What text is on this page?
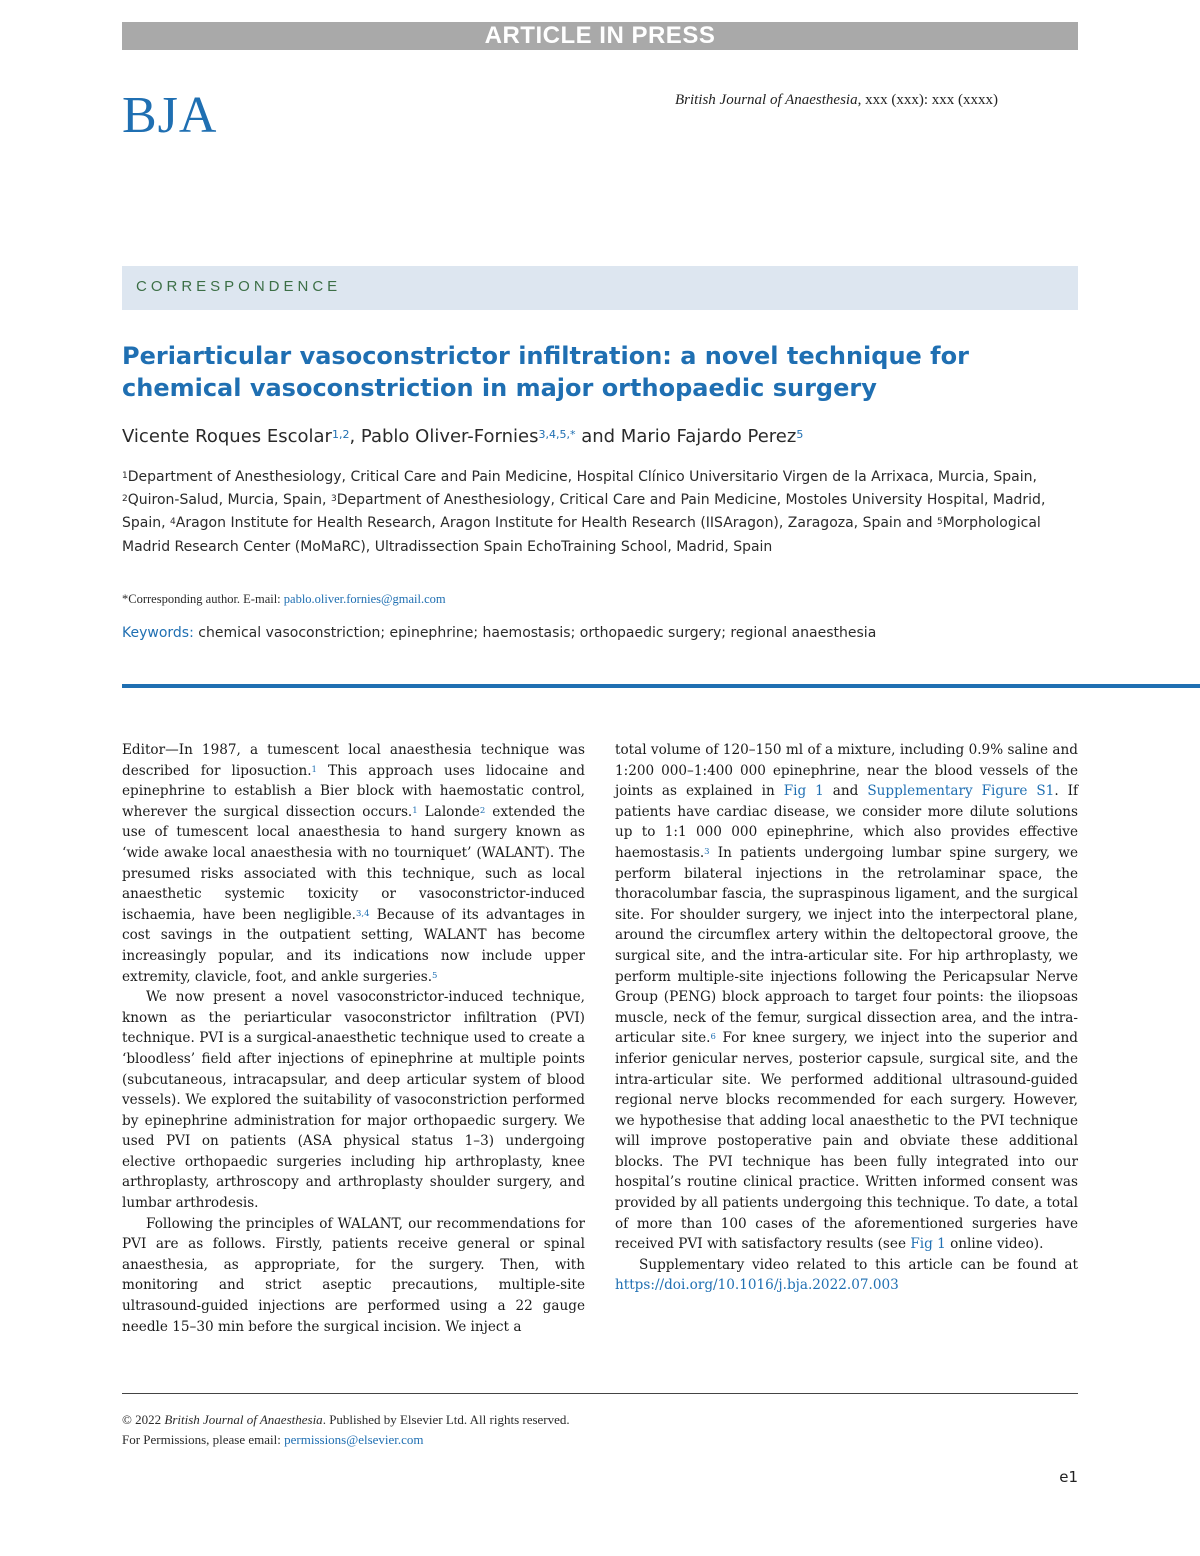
ARTICLE IN PRESS
BJA	British Journal of Anaesthesia, xxx (xxx): xxx (xxxx)
CORRESPONDENCE
Periarticular vasoconstrictor infiltration: a novel technique for chemical vasoconstriction in major orthopaedic surgery
Vicente Roques Escolar$^{1,2}$, Pablo Oliver-Fornies$^{3,4,5,*}$ and Mario Fajardo Perez$^5$
$^1$Department of Anesthesiology, Critical Care and Pain Medicine, Hospital Clínico Universitario Virgen de la Arrixaca, Murcia, Spain, $^2$Quiron-Salud, Murcia, Spain, $^3$Department of Anesthesiology, Critical Care and Pain Medicine, Mostoles University Hospital, Madrid, Spain, $^4$Aragon Institute for Health Research, Aragon Institute for Health Research (IISAragon), Zaragoza, Spain and $^5$Morphological Madrid Research Center (MoMaRC), Ultradissection Spain EchoTraining School, Madrid, Spain
*Corresponding author. E-mail: pablo.oliver.fornies@gmail.com
Keywords: chemical vasoconstriction; epinephrine; haemostasis; orthopaedic surgery; regional anaesthesia

Editor—In 1987, a tumescent local anaesthesia technique was described for liposuction.$^1$ This approach uses lidocaine and epinephrine to establish a Bier block with haemostatic control, wherever the surgical dissection occurs.$^1$ Lalonde$^2$ extended the use of tumescent local anaesthesia to hand surgery known as ‘wide awake local anaesthesia with no tourniquet’ (WALANT). The presumed risks associated with this technique, such as local anaesthetic systemic toxicity or vasoconstrictor-induced ischaemia, have been negligible.$^{3,4}$ Because of its advantages in cost savings in the outpatient setting, WALANT has become increasingly popular, and its indications now include upper extremity, clavicle, foot, and ankle surgeries.$^5$

We now present a novel vasoconstrictor-induced technique, known as the periarticular vasoconstrictor infiltration (PVI) technique. PVI is a surgical-anaesthetic technique used to create a ‘bloodless’ field after injections of epinephrine at multiple points (subcutaneous, intracapsular, and deep articular system of blood vessels). We explored the suitability of vasoconstriction performed by epinephrine administration for major orthopaedic surgery. We used PVI on patients (ASA physical status 1–3) undergoing elective orthopaedic surgeries including hip arthroplasty, knee arthroplasty, arthroscopy and arthroplasty shoulder surgery, and lumbar arthrodesis.

Following the principles of WALANT, our recommendations for PVI are as follows. Firstly, patients receive general or spinal anaesthesia, as appropriate, for the surgery. Then, with monitoring and strict aseptic precautions, multiple-site ultrasound-guided injections are performed using a 22 gauge needle 15–30 min before the surgical incision. We inject a

total volume of 120–150 ml of a mixture, including 0.9% saline and 1:200 000–1:400 000 epinephrine, near the blood vessels of the joints as explained in Fig 1 and Supplementary Figure S1. If patients have cardiac disease, we consider more dilute solutions up to 1:1 000 000 epinephrine, which also provides effective haemostasis.$^3$ In patients undergoing lumbar spine surgery, we perform bilateral injections in the retrolaminar space, the thoracolumbar fascia, the supraspinous ligament, and the surgical site. For shoulder surgery, we inject into the interpectoral plane, around the circumflex artery within the deltopectoral groove, the surgical site, and the intra-articular site. For hip arthroplasty, we perform multiple-site injections following the Pericapsular Nerve Group (PENG) block approach to target four points: the iliopsoas muscle, neck of the femur, surgical dissection area, and the intra-articular site.$^6$ For knee surgery, we inject into the superior and inferior genicular nerves, posterior capsule, surgical site, and the intra-articular site. We performed additional ultrasound-guided regional nerve blocks recommended for each surgery. However, we hypothesise that adding local anaesthetic to the PVI technique will improve postoperative pain and obviate these additional blocks. The PVI technique has been fully integrated into our hospital’s routine clinical practice. Written informed consent was provided by all patients undergoing this technique. To date, a total of more than 100 cases of the aforementioned surgeries have received PVI with satisfactory results (see Fig 1 online video).

Supplementary video related to this article can be found at https://doi.org/10.1016/j.bja.2022.07.003

© 2022 British Journal of Anaesthesia. Published by Elsevier Ltd. All rights reserved.
For Permissions, please email: permissions@elsevier.com
e1
